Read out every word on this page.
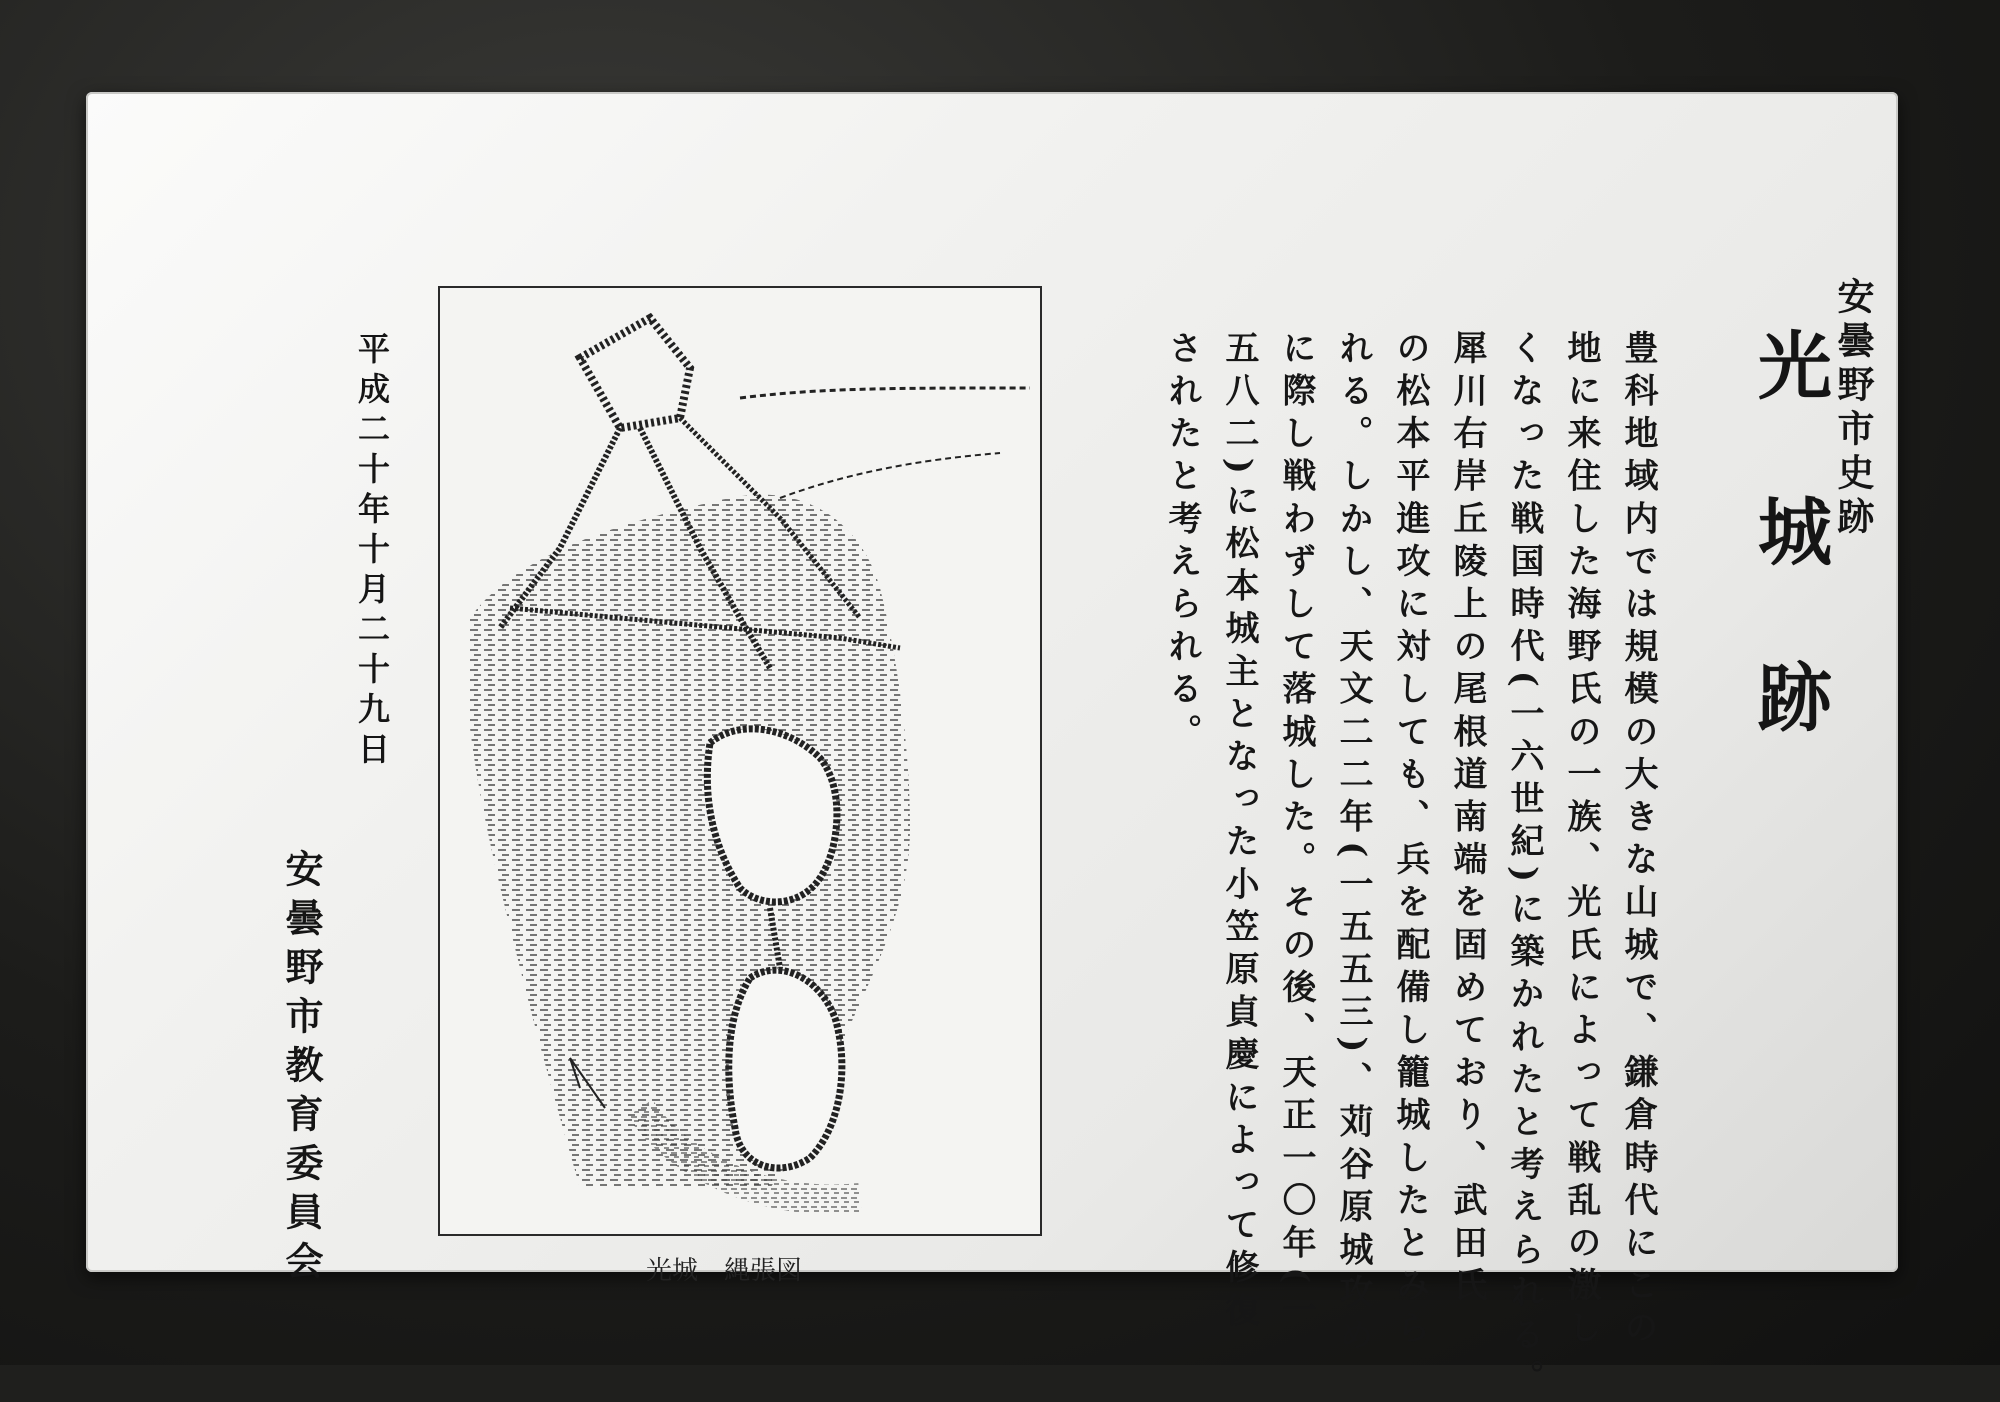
安曇野市史跡
光城跡

豊科地域内では規模の大きな山城で、鎌倉時代にこの

地に来住した海野氏の一族、光氏によって戦乱の激し

くなった戦国時代(一六世紀)に築かれたと考えられる。

犀川右岸丘陵上の尾根道南端を固めており、武田氏

の松本平進攻に対しても、兵を配備し籠城したとみら

れる。しかし、天文二二年(一五五三)、苅谷原城攻め

に際し戦わずして落城した。その後、天正一〇年(一

五八二)に松本城主となった小笠原貞慶によって修復

されたと考えられる。

平成二十年十月二十九日
安曇野市教育委員会	光城　縄張図
